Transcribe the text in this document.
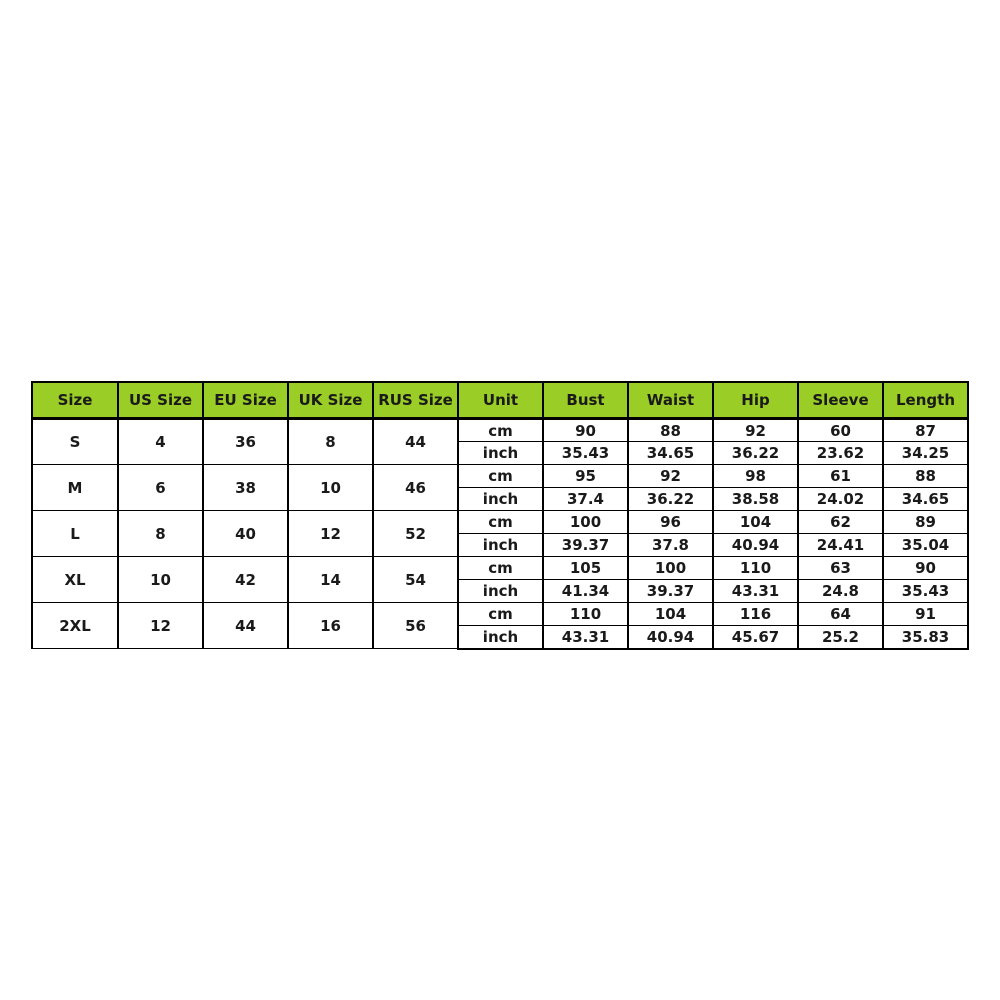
Size	US Size	EU Size	UK Size	RUS Size	Unit	Bust	Waist	Hip	Sleeve	Length
S	4	36	8	44	cm	90	88	92	60	87
					inch	35.43	34.65	36.22	23.62	34.25
M	6	38	10	46	cm	95	92	98	61	88
					inch	37.4	36.22	38.58	24.02	34.65
L	8	40	12	52	cm	100	96	104	62	89
					inch	39.37	37.8	40.94	24.41	35.04
XL	10	42	14	54	cm	105	100	110	63	90
					inch	41.34	39.37	43.31	24.8	35.43
2XL	12	44	16	56	cm	110	104	116	64	91
					inch	43.31	40.94	45.67	25.2	35.83
